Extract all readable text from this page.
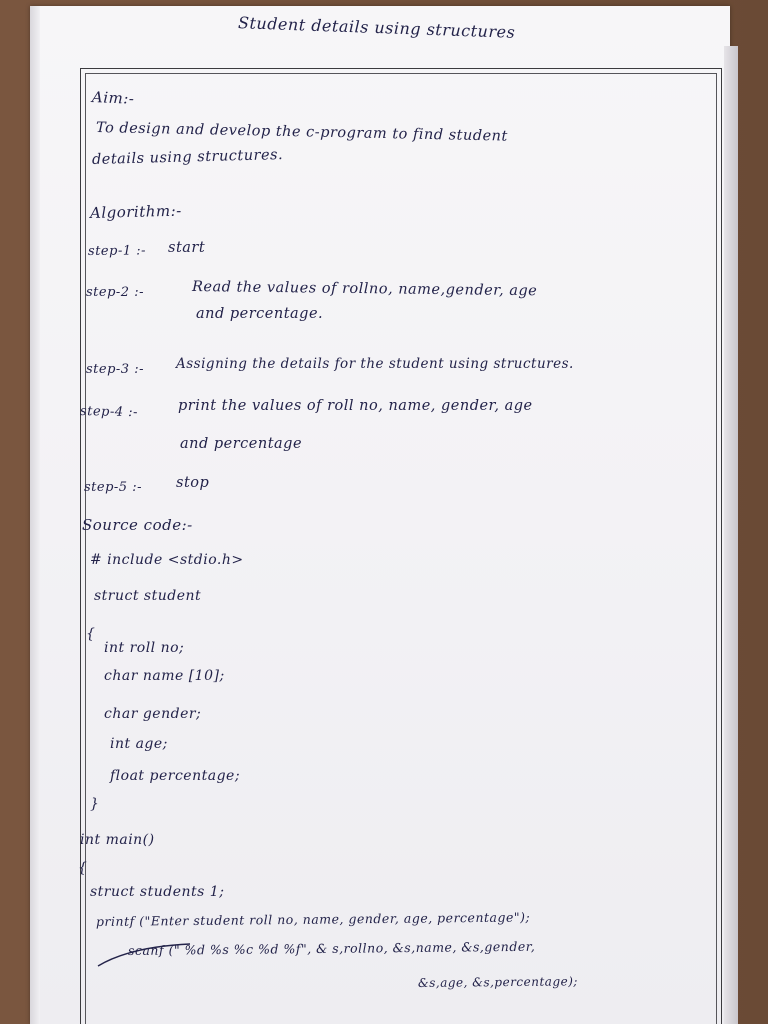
Student details using structures
Aim:-
To design and develop the c-program to find student
details using structures.
Algorithm:-
step-1 :- start
step-2 :-	Read the values of rollno, name,gender, age
and percentage.
step-3 :- Assigning the details for the student using structures.
step-4 :-	print the values of roll no, name, gender, age
and percentage
step-5 :- stop
Source code:-
# include <stdio.h>
struct student
{
int roll no;
char name [10];
char gender;
int age;
float percentage;
}
int main()
{
struct students 1;
printf ("Enter student roll no, name, gender, age, percentage");
scanf (" %d %s %c %d %f", & s,rollno, &s,name, &s,gender,
&s,age, &s,percentage);
